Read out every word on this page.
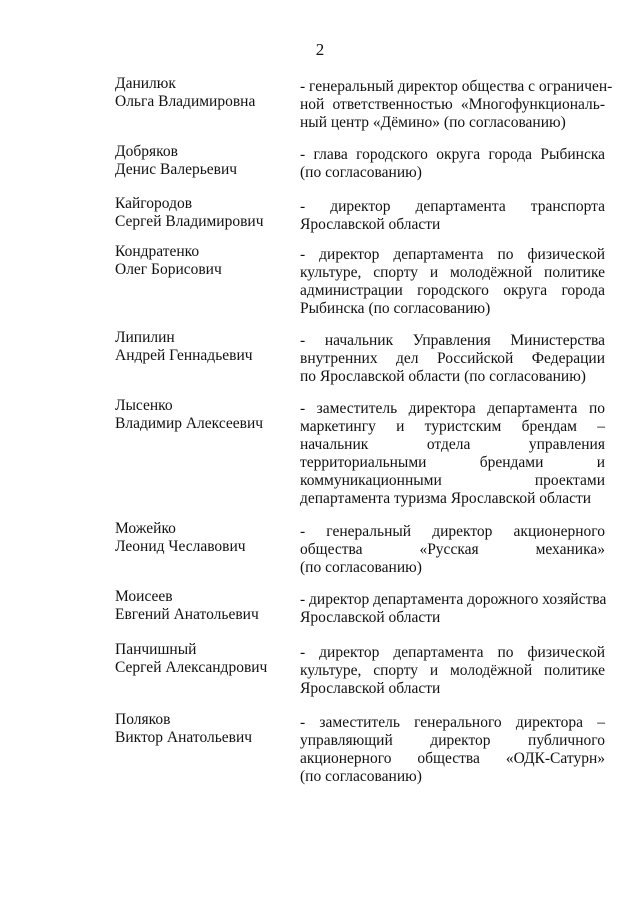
2
Данилюк
Ольга Владимировна
- генеральный директор общества с ограничен-
ной ответственностью «Многофункциональ-
ный центр «Дёмино» (по согласованию)
Добряков
Денис Валерьевич
- глава городского округа города Рыбинска
(по согласованию)
Кайгородов
Сергей Владимирович
- директор департамента транспорта
Ярославской области
Кондратенко
Олег Борисович
- директор департамента по физической
культуре, спорту и молодёжной политике
администрации городского округа города
Рыбинска (по согласованию)
Липилин
Андрей Геннадьевич
- начальник Управления Министерства
внутренних дел Российской Федерации
по Ярославской области (по согласованию)
Лысенко
Владимир Алексеевич
- заместитель директора департамента по
маркетингу и туристским брендам –
начальник отдела управления
территориальными брендами и
коммуникационными проектами
департамента туризма Ярославской области
Можейко
Леонид Чеславович
- генеральный директор акционерного
общества «Русская механика»
(по согласованию)
Моисеев
Евгений Анатольевич
- директор департамента дорожного хозяйства
Ярославской области
Панчишный
Сергей Александрович
- директор департамента по физической
культуре, спорту и молодёжной политике
Ярославской области
Поляков
Виктор Анатольевич
- заместитель генерального директора –
управляющий директор публичного
акционерного общества «ОДК-Сатурн»
(по согласованию)
